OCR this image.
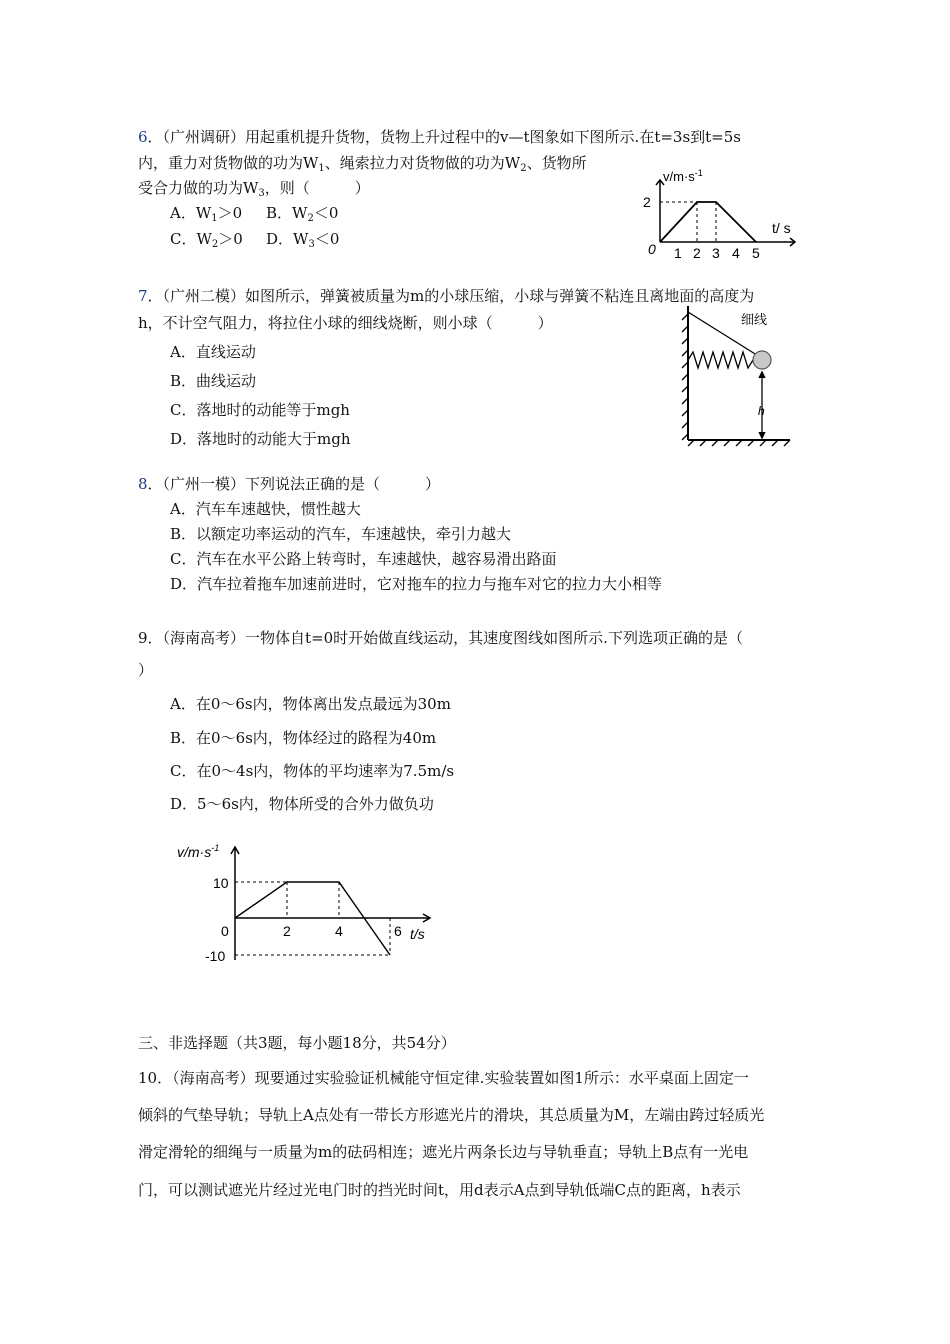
6．（广州调研）用起重机提升货物，货物上升过程中的v—t图象如下图所示.在t=3s到t=5s
内，重力对货物做的功为$W_1$、绳索拉力对货物做的功为$W_2$、货物所
受合力做的功为$W_3$，则（　　　）
A．$W_1>0$ B．$W_2<0$
C．$W_2>0$ D．$W_3<0$
$v/m\cdot s^{-1}$
t/ s
2
0 1 2 3 4 5
7．（广州二模）如图所示，弹簧被质量为m的小球压缩，小球与弹簧不粘连且离地面的高度为
h，不计空气阻力，将拉住小球的细线烧断，则小球（　　　）
A．直线运动
B．曲线运动
C．落地时的动能等于mgh
D．落地时的动能大于mgh
细线
h
8．（广州一模）下列说法正确的是（　　　）
A．汽车车速越快，惯性越大
B．以额定功率运动的汽车，车速越快，牵引力越大
C．汽车在水平公路上转弯时，车速越快，越容易滑出路面
D．汽车拉着拖车加速前进时，它对拖车的拉力与拖车对它的拉力大小相等
9．（海南高考）一物体自t=0时开始做直线运动，其速度图线如图所示.下列选项正确的是（
）
A．在0～6s内，物体离出发点最远为30m
B．在0～6s内，物体经过的路程为40m
C．在0～4s内，物体的平均速率为7.5m/s
D．5～6s内，物体所受的合外力做负功
$v/m\cdot s^{-1}$
t/s
10
-10
0	2	4	6
三、非选择题（共3题，每小题18分，共54分）
10．（海南高考）现要通过实验验证机械能守恒定律.实验装置如图1所示：水平桌面上固定一
倾斜的气垫导轨；导轨上A点处有一带长方形遮光片的滑块，其总质量为M，左端由跨过轻质光
滑定滑轮的细绳与一质量为m的砝码相连；遮光片两条长边与导轨垂直；导轨上B点有一光电
门，可以测试遮光片经过光电门时的挡光时间t，用d表示A点到导轨低端C点的距离，h表示
